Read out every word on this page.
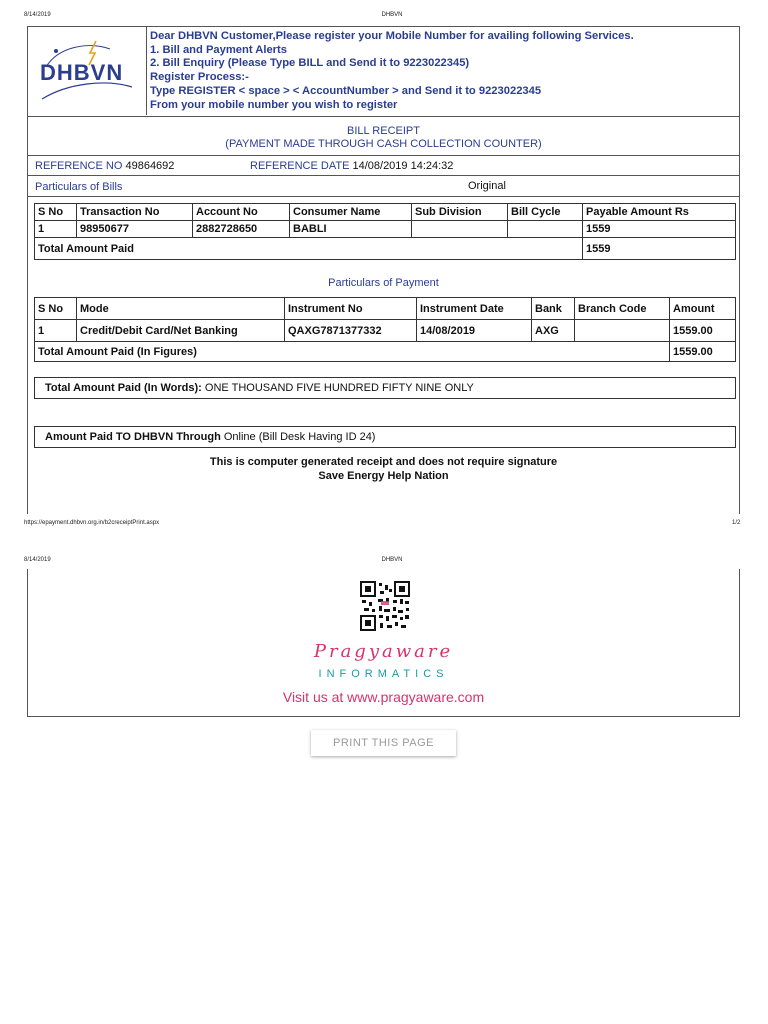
8/14/2019	DHBVN
DHBVN
Dear DHBVN Customer,Please register your Mobile Number for availing following Services.
1. Bill and Payment Alerts
2. Bill Enquiry (Please Type BILL and Send it to 9223022345)
Register Process:-
Type REGISTER < space > < AccountNumber > and Send it to 9223022345
From your mobile number you wish to register
BILL RECEIPT
(PAYMENT MADE THROUGH CASH COLLECTION COUNTER)
REFERENCE NO 49864692	REFERENCE DATE 14/08/2019 14:24:32
Particulars of Bills	Original
S No	Transaction No	Account No	Consumer Name	Sub Division	Bill Cycle	Payable Amount Rs
1	98950677	2882728650	BABLI			1559
Total Amount Paid						1559
Particulars of Payment
S No	Mode	Instrument No	Instrument Date	Bank	Branch Code	Amount
1	Credit/Debit Card/Net Banking	QAXG7871377332	14/08/2019	AXG		1559.00
Total Amount Paid (In Figures)						1559.00
Total Amount Paid (In Words): ONE THOUSAND FIVE HUNDRED FIFTY NINE ONLY
Amount Paid TO DHBVN Through Online (Bill Desk Having ID 24)
This is computer generated receipt and does not require signature
Save Energy Help Nation
https://epayment.dhbvn.org.in/b2creceiptPrint.aspx	1/2
8/14/2019	DHBVN
Pragyaware
INFORMATICS
Visit us at www.pragyaware.com
PRINT THIS PAGE
